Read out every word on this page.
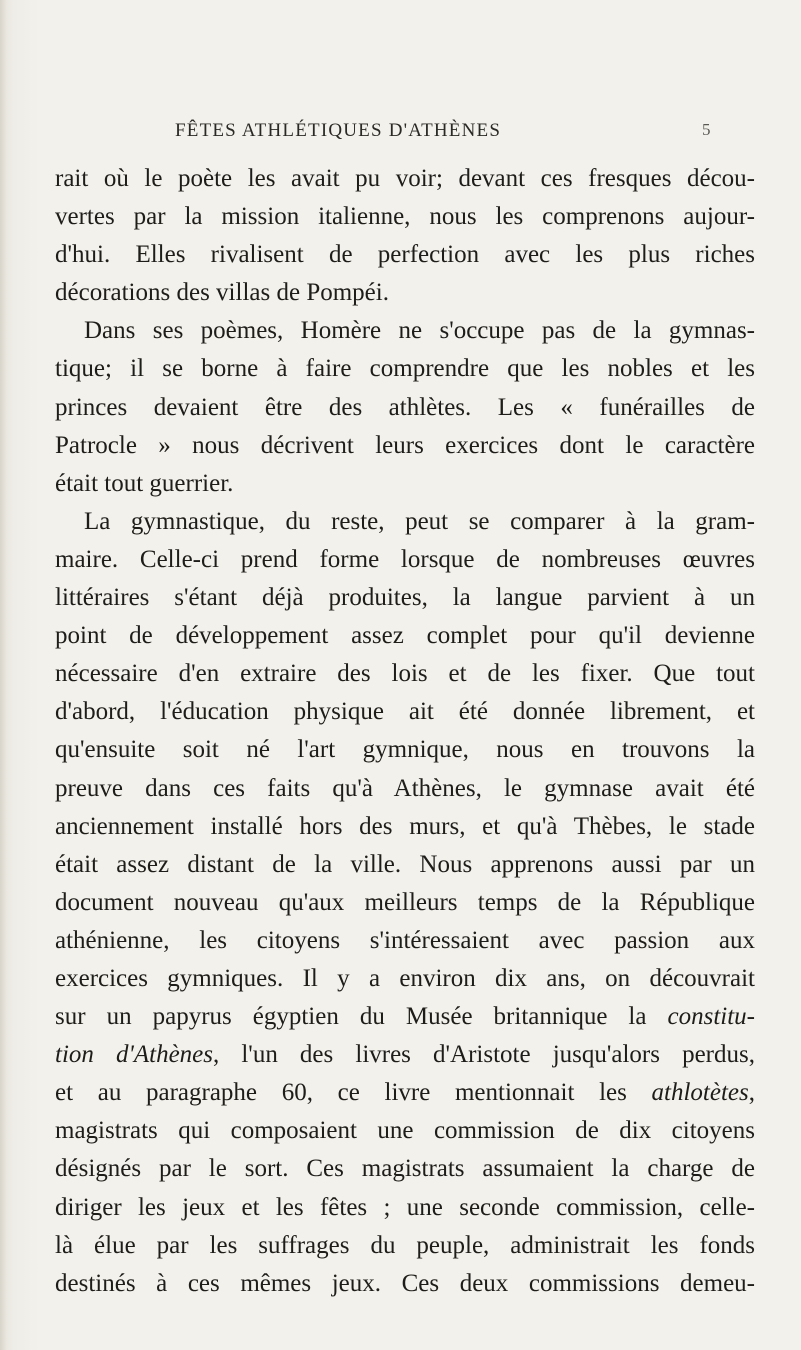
FÊTES ATHLÉTIQUES D'ATHÈNES	5
rait où le poète les avait pu voir; devant ces fresques décou-
vertes par la mission italienne, nous les comprenons aujour-
d'hui. Elles rivalisent de perfection avec les plus riches
décorations des villas de Pompéi.
Dans ses poèmes, Homère ne s'occupe pas de la gymnas-
tique; il se borne à faire comprendre que les nobles et les
princes devaient être des athlètes. Les « funérailles de
Patrocle » nous décrivent leurs exercices dont le caractère
était tout guerrier.
La gymnastique, du reste, peut se comparer à la gram-
maire. Celle-ci prend forme lorsque de nombreuses œuvres
littéraires s'étant déjà produites, la langue parvient à un
point de développement assez complet pour qu'il devienne
nécessaire d'en extraire des lois et de les fixer. Que tout
d'abord, l'éducation physique ait été donnée librement, et
qu'ensuite soit né l'art gymnique, nous en trouvons la
preuve dans ces faits qu'à Athènes, le gymnase avait été
anciennement installé hors des murs, et qu'à Thèbes, le stade
était assez distant de la ville. Nous apprenons aussi par un
document nouveau qu'aux meilleurs temps de la République
athénienne, les citoyens s'intéressaient avec passion aux
exercices gymniques. Il y a environ dix ans, on découvrait
sur un papyrus égyptien du Musée britannique la constitu-
tion d'Athènes, l'un des livres d'Aristote jusqu'alors perdus,
et au paragraphe 60, ce livre mentionnait les athlotètes,
magistrats qui composaient une commission de dix citoyens
désignés par le sort. Ces magistrats assumaient la charge de
diriger les jeux et les fêtes ; une seconde commission, celle-
là élue par les suffrages du peuple, administrait les fonds
destinés à ces mêmes jeux. Ces deux commissions demeu-
